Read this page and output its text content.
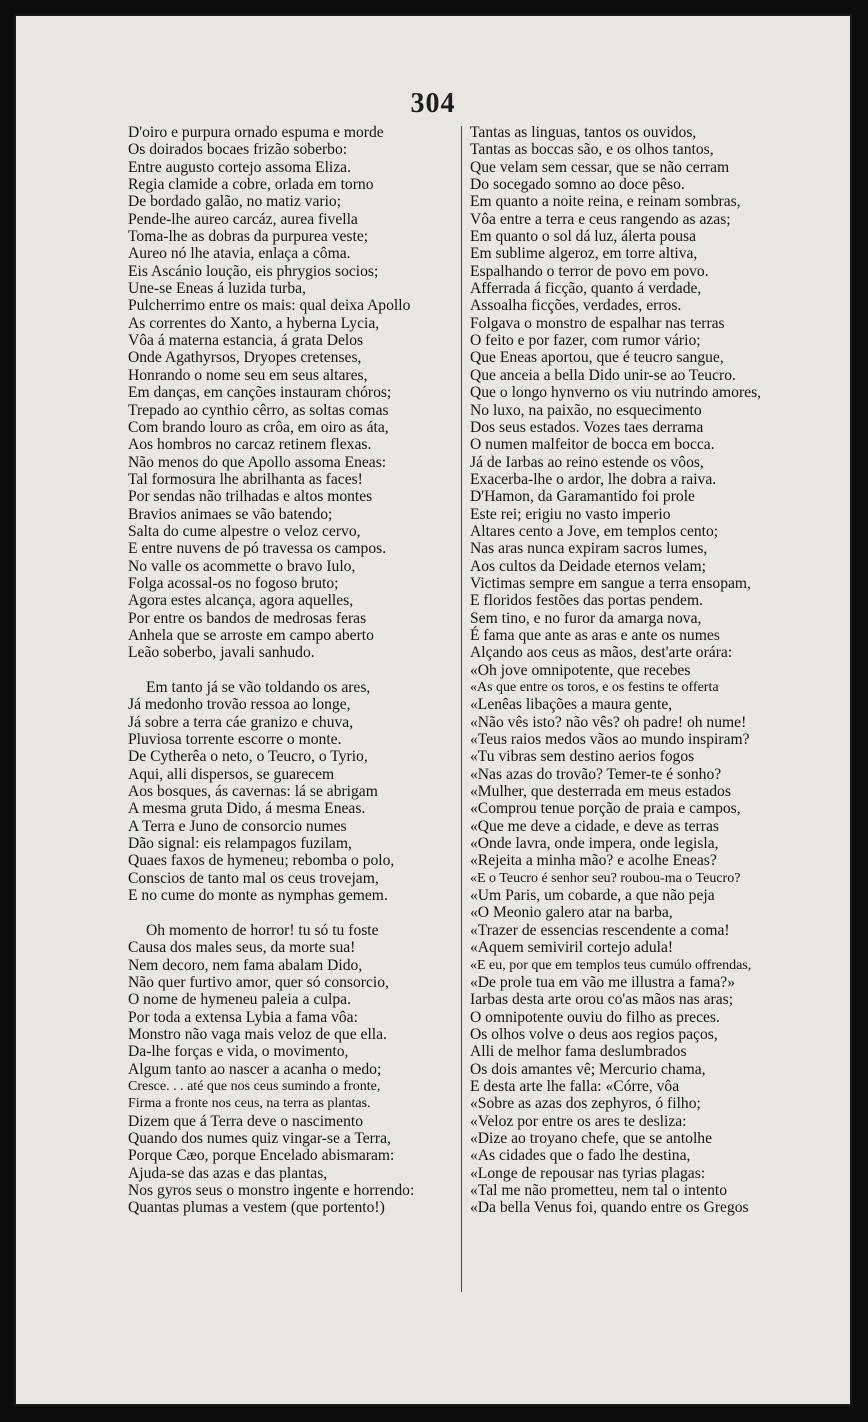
304
D'oiro e purpura ornado espuma e morde
Os doirados bocaes frizão soberbo:
Entre augusto cortejo assoma Eliza.
Regia clamide a cobre, orlada em torno
De bordado galão, no matiz vario;
Pende-lhe aureo carcáz, aurea fivella
Toma-lhe as dobras da purpurea veste;
Aureo nó lhe atavia, enlaça a côma.
Eis Ascánio loução, eis phrygios socios;
Une-se Eneas á luzida turba,
Pulcherrimo entre os mais: qual deixa Apollo
As correntes do Xanto, a hyberna Lycia,
Vôa á materna estancia, á grata Delos
Onde Agathyrsos, Dryopes cretenses,
Honrando o nome seu em seus altares,
Em danças, em canções instauram chóros;
Trepado ao cynthio cêrro, as soltas comas
Com brando louro as crôa, em oiro as áta,
Aos hombros no carcaz retinem flexas.
Não menos do que Apollo assoma Eneas:
Tal formosura lhe abrilhanta as faces!
Por sendas não trilhadas e altos montes
Bravios animaes se vão batendo;
Salta do cume alpestre o veloz cervo,
E entre nuvens de pó travessa os campos.
No valle os acommette o bravo Iulo,
Folga acossal-os no fogoso bruto;
Agora estes alcança, agora aquelles,
Por entre os bandos de medrosas feras
Anhela que se arroste em campo aberto
Leão soberbo, javali sanhudo.
Em tanto já se vão toldando os ares,
Já medonho trovão ressoa ao longe,
Já sobre a terra cáe granizo e chuva,
Pluviosa torrente escorre o monte.
De Cytherêa o neto, o Teucro, o Tyrio,
Aqui, alli dispersos, se guarecem
Aos bosques, ás cavernas: lá se abrigam
A mesma gruta Dido, á mesma Eneas.
A Terra e Juno de consorcio numes
Dão signal: eis relampagos fuzilam,
Quaes faxos de hymeneu; rebomba o polo,
Conscios de tanto mal os ceus trovejam,
E no cume do monte as nymphas gemem.
Oh momento de horror! tu só tu foste
Causa dos males seus, da morte sua!
Nem decoro, nem fama abalam Dido,
Não quer furtivo amor, quer só consorcio,
O nome de hymeneu paleia a culpa.
Por toda a extensa Lybia a fama vôa:
Monstro não vaga mais veloz de que ella.
Da-lhe forças e vida, o movimento,
Algum tanto ao nascer a acanha o medo;
Cresce. . . até que nos ceus sumindo a fronte,
Firma a fronte nos ceus, na terra as plantas.
Dizem que á Terra deve o nascimento
Quando dos numes quiz vingar-se a Terra,
Porque Cæo, porque Encelado abismaram:
Ajuda-se das azas e das plantas,
Nos gyros seus o monstro ingente e horrendo:
Quantas plumas a vestem (que portento!)
Tantas as linguas, tantos os ouvidos,
Tantas as boccas são, e os olhos tantos,
Que velam sem cessar, que se não cerram
Do socegado somno ao doce pêso.
Em quanto a noite reina, e reinam sombras,
Vôa entre a terra e ceus rangendo as azas;
Em quanto o sol dá luz, álerta pousa
Em sublime algeroz, em torre altiva,
Espalhando o terror de povo em povo.
Afferrada á ficção, quanto á verdade,
Assoalha ficções, verdades, erros.
Folgava o monstro de espalhar nas terras
O feito e por fazer, com rumor vário;
Que Eneas aportou, que é teucro sangue,
Que anceia a bella Dido unir-se ao Teucro.
Que o longo hynverno os viu nutrindo amores,
No luxo, na paixão, no esquecimento
Dos seus estados. Vozes taes derrama
O numen malfeitor de bocca em bocca.
Já de Iarbas ao reino estende os vôos,
Exacerba-lhe o ardor, lhe dobra a raiva.
D'Hamon, da Garamantido foi prole
Este rei; erigiu no vasto imperio
Altares cento a Jove, em templos cento;
Nas aras nunca expiram sacros lumes,
Aos cultos da Deidade eternos velam;
Victimas sempre em sangue a terra ensopam,
E floridos festões das portas pendem.
Sem tino, e no furor da amarga nova,
É fama que ante as aras e ante os numes
Alçando aos ceus as mãos, dest'arte orára:
«Oh jove omnipotente, que recebes
«As que entre os toros, e os festins te offerta
«Lenêas libações a maura gente,
«Não vês isto? não vês? oh padre! oh nume!
«Teus raios medos vãos ao mundo inspiram?
«Tu vibras sem destino aerios fogos
«Nas azas do trovão? Temer-te é sonho?
«Mulher, que desterrada em meus estados
«Comprou tenue porção de praia e campos,
«Que me deve a cidade, e deve as terras
«Onde lavra, onde impera, onde legisla,
«Rejeita a minha mão? e acolhe Eneas?
«E o Teucro é senhor seu? roubou-ma o Teucro?
«Um Paris, um cobarde, a que não peja
«O Meonio galero atar na barba,
«Trazer de essencias rescendente a coma!
«Aquem semiviril cortejo adula!
«E eu, por que em templos teus cumúlo offrendas,
«De prole tua em vão me illustra a fama?»
Iarbas desta arte orou co'as mãos nas aras;
O omnipotente ouviu do filho as preces.
Os olhos volve o deus aos regios paços,
Alli de melhor fama deslumbrados
Os dois amantes vê; Mercurio chama,
E desta arte lhe falla: «Córre, vôa
«Sobre as azas dos zephyros, ó filho;
«Veloz por entre os ares te desliza:
«Dize ao troyano chefe, que se antolhe
«As cidades que o fado lhe destina,
«Longe de repousar nas tyrias plagas:
«Tal me não prometteu, nem tal o intento
«Da bella Venus foi, quando entre os Gregos
